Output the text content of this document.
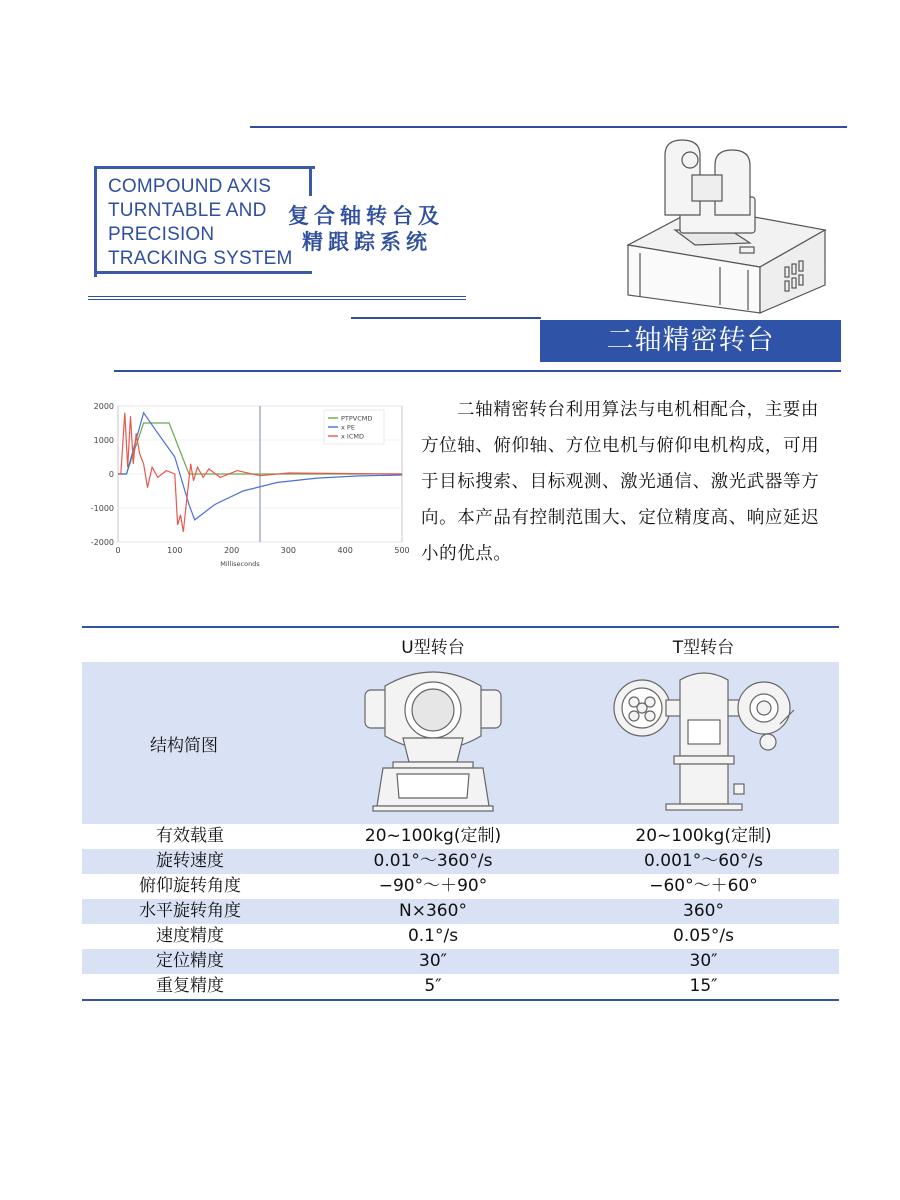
COMPOUND AXIS
TURNTABLE AND
PRECISION
TRACKING SYSTEM
复合轴转台及
精跟踪系统
二轴精密转台
2000
1000
0
-1000
-2000
0	100	200	300	400	500
Milliseconds
PTPVCMD
x PE
x ICMD
二轴精密转台利用算法与电机相配合，主要由方位轴、俯仰轴、方位电机与俯仰电机构成，可用于目标搜索、目标观测、激光通信、激光武器等方向。本产品有控制范围大、定位精度高、响应延迟小的优点。
	U型转台	T型转台
结构简图		
有效载重	20~100kg(定制)	20~100kg(定制)
旋转速度	0.01°～360°/s	0.001°～60°/s
俯仰旋转角度	−90°～＋90°	−60°～＋60°
水平旋转角度	N×360°	360°
速度精度	0.1°/s	0.05°/s
定位精度	30″	30″
重复精度	5″	15″
